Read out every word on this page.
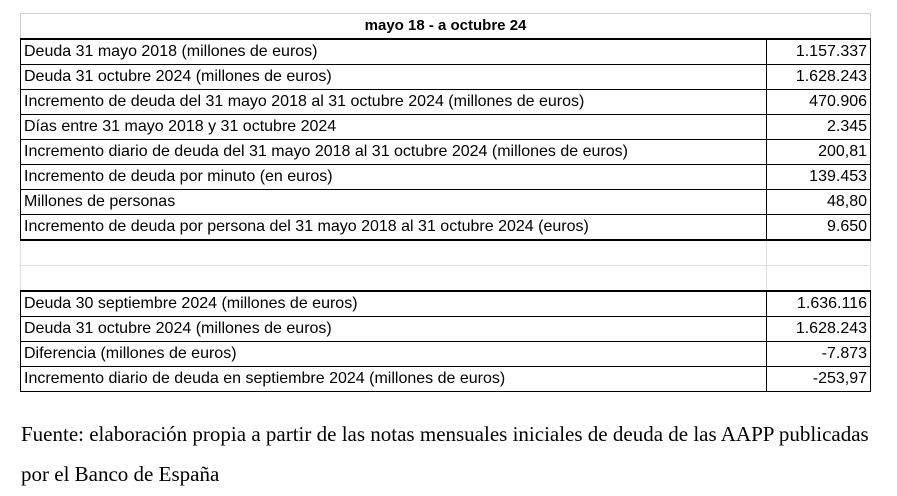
mayo 18 - a octubre 24	
Deuda 31 mayo 2018 (millones de euros)	1.157.337
Deuda 31 octubre 2024 (millones de euros)	1.628.243
Incremento de deuda del 31 mayo 2018 al 31 octubre 2024 (millones de euros)	470.906
Días entre 31 mayo 2018 y 31 octubre 2024	2.345
Incremento diario de deuda del 31 mayo 2018 al 31 octubre 2024 (millones de euros)	200,81
Incremento de deuda por minuto (en euros)	139.453
Millones de personas	48,80
Incremento de deuda por persona del 31 mayo 2018 al 31 octubre 2024 (euros)	9.650

Deuda 30 septiembre 2024 (millones de euros)	1.636.116
Deuda 31 octubre 2024 (millones de euros)	1.628.243
Diferencia (millones de euros)	-7.873
Incremento diario de deuda en septiembre 2024 (millones de euros)	-253,97

Fuente: elaboración propia a partir de las notas mensuales iniciales de deuda de las AAPP publicadas por el Banco de España
